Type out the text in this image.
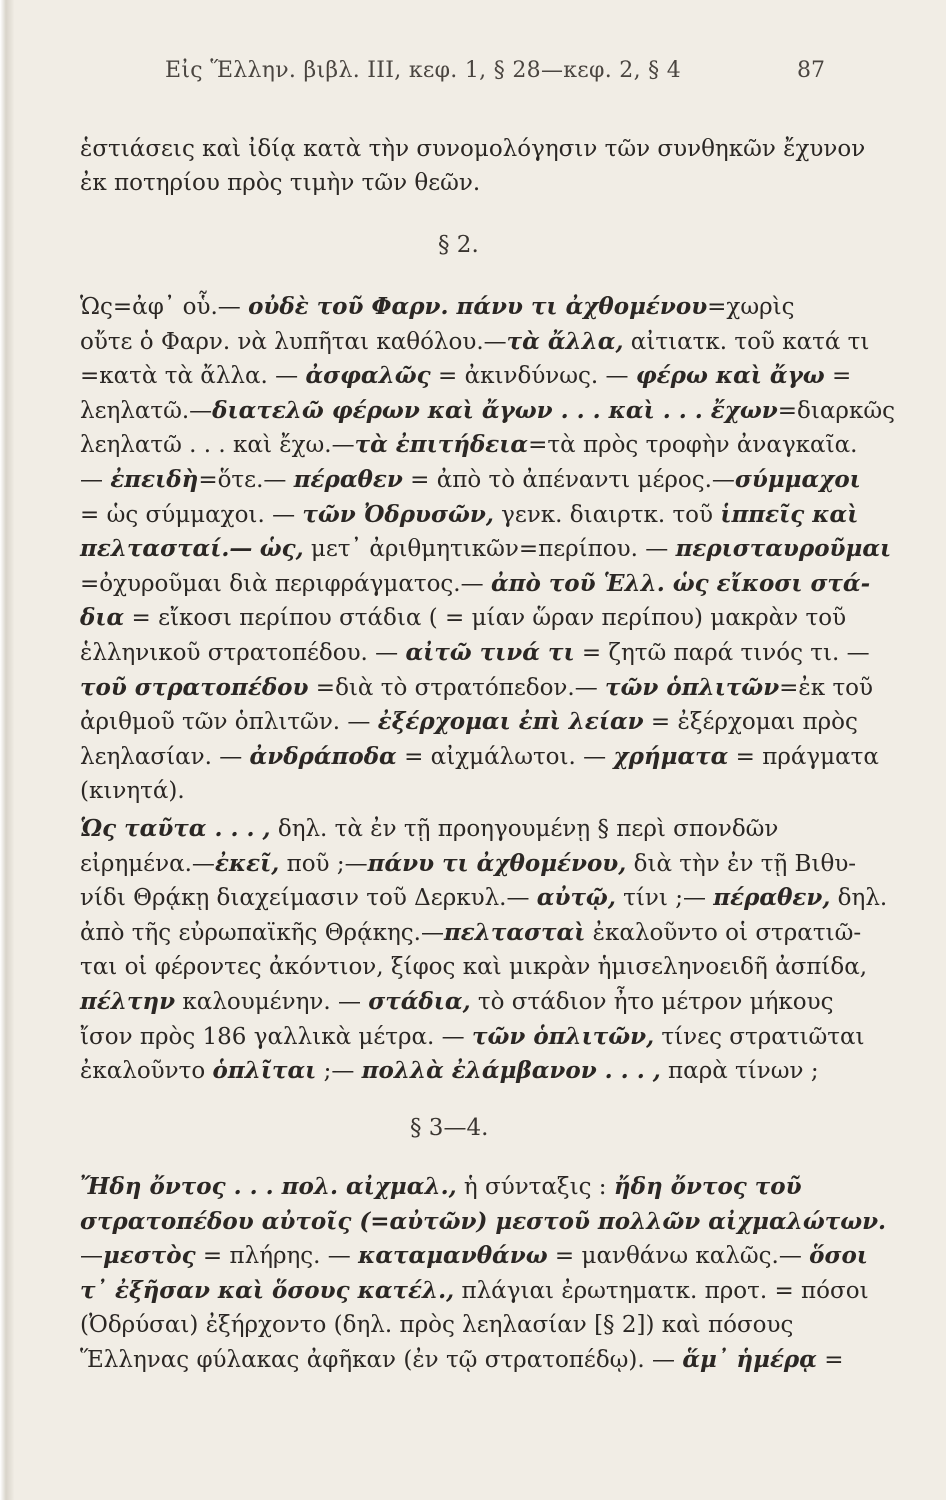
Εἰς Ἕλλην. βιβλ. ΙΙΙ, κεφ. 1, § 28—κεφ. 2, § 4	87
ἑστιάσεις καὶ ἰδίᾳ κατὰ τὴν συνομολόγησιν τῶν συνθηκῶν ἔχυνον
ἐκ ποτηρίου πρὸς τιμὴν τῶν θεῶν.
§ 2.
Ὡς=ἀφ᾽ οὗ.— οὐδὲ τοῦ Φαρν. πάνυ τι ἀχθομένου=χωρὶς
οὔτε ὁ Φαρν. νὰ λυπῆται καθόλου.—τὰ ἄλλα, αἰτιατκ. τοῦ κατά τι
=κατὰ τὰ ἄλλα. — ἀσφαλῶς = ἀκινδύνως. — φέρω καὶ ἄγω =
λεηλατῶ.—διατελῶ φέρων καὶ ἄγων . . . καὶ . . . ἔχων=διαρκῶς
λεηλατῶ . . . καὶ ἔχω.—τὰ ἐπιτήδεια=τὰ πρὸς τροφὴν ἀναγκαῖα.
— ἐπειδὴ=ὅτε.— πέραθεν = ἀπὸ τὸ ἀπέναντι μέρος.—σύμμαχοι
= ὡς σύμμαχοι. — τῶν Ὀδρυσῶν, γενκ. διαιρτκ. τοῦ ἱππεῖς καὶ
πελτασταί.— ὡς, μετ᾽ ἀριθμητικῶν=περίπου. — περισταυροῦμαι
=ὀχυροῦμαι διὰ περιφράγματος.— ἀπὸ τοῦ Ἑλλ. ὡς εἴκοσι στά-
δια = εἴκοσι περίπου στάδια ( = μίαν ὥραν περίπου) μακρὰν τοῦ
ἑλληνικοῦ στρατοπέδου. — αἰτῶ τινά τι = ζητῶ παρά τινός τι. —
τοῦ στρατοπέδου =διὰ τὸ στρατόπεδον.— τῶν ὁπλιτῶν=ἐκ τοῦ
ἀριθμοῦ τῶν ὁπλιτῶν. — ἐξέρχομαι ἐπὶ λείαν = ἐξέρχομαι πρὸς
λεηλασίαν. — ἀνδράποδα = αἰχμάλωτοι. — χρήματα = πράγματα
(κινητά).
Ὡς ταῦτα . . . , δηλ. τὰ ἐν τῇ προηγουμένῃ § περὶ σπονδῶν
εἰρημένα.—ἐκεῖ, ποῦ ;—πάνυ τι ἀχθομένου, διὰ τὴν ἐν τῇ Βιθυ-
νίδι Θρᾴκῃ διαχείμασιν τοῦ Δερκυλ.— αὐτῷ, τίνι ;— πέραθεν, δηλ.
ἀπὸ τῆς εὐρωπαϊκῆς Θρᾴκης.—πελτασταὶ ἐκαλοῦντο οἱ στρατιῶ-
ται οἱ φέροντες ἀκόντιον, ξίφος καὶ μικρὰν ἡμισεληνοειδῆ ἀσπίδα,
πέλτην καλουμένην. — στάδια, τὸ στάδιον ἦτο μέτρον μήκους
ἴσον πρὸς 186 γαλλικὰ μέτρα. — τῶν ὁπλιτῶν, τίνες στρατιῶται
ἐκαλοῦντο ὁπλῖται ;— πολλὰ ἐλάμβανον . . . , παρὰ τίνων ;
§ 3—4.
Ἤδη ὄντος . . . πολ. αἰχμαλ., ἡ σύνταξις : ἤδη ὄντος τοῦ
στρατοπέδου αὐτοῖς (=αὐτῶν) μεστοῦ πολλῶν αἰχμαλώτων.
—μεστὸς = πλήρης. — καταμανθάνω = μανθάνω καλῶς.— ὅσοι
τ᾽ ἐξῆσαν καὶ ὅσους κατέλ., πλάγιαι ἐρωτηματκ. προτ. = πόσοι
(Ὀδρύσαι) ἐξήρχοντο (δηλ. πρὸς λεηλασίαν [§ 2]) καὶ πόσους
Ἕλληνας φύλακας ἀφῆκαν (ἐν τῷ στρατοπέδῳ). — ἅμ᾽ ἡμέρᾳ =
